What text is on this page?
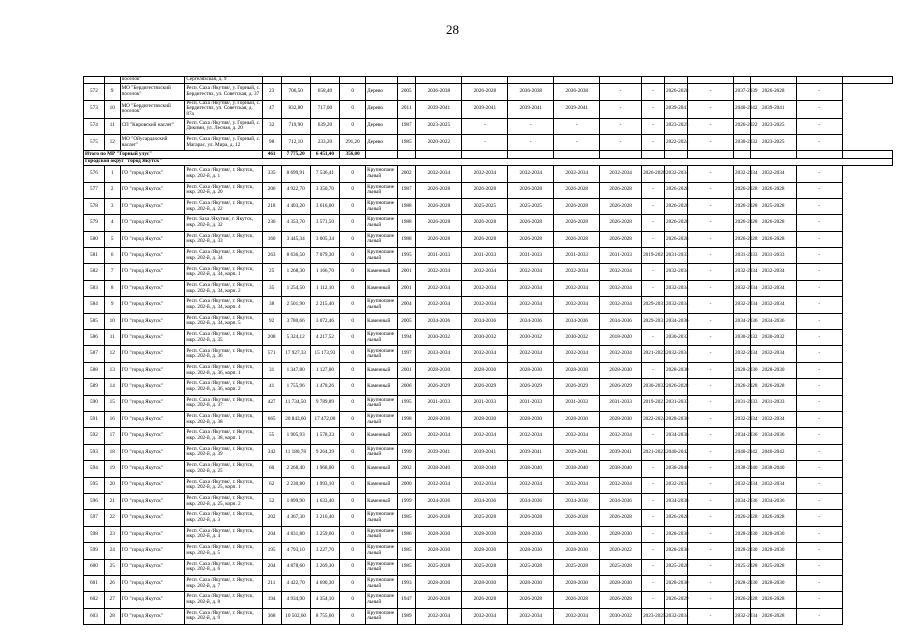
28
		поселок"	Сергеляхская, д. 9																		
572	9	МО "Бердигестяхский поселок"	Респ. Саха /Якутия/, у. Горный, с. Бердигестях, ул. Советская, д. 37	23	706,50	658,40	0	Дерево	2005	2036-2038	2026-2028	2036-2038	2036-2038	-	-	2026-2028	-	2037-2039	2026-2028	-	
573	10	МО "Бердигестяхский поселок"	Респ. Саха /Якутия/, у. Горный, с. Бердигестях, ул. Советская, д. 87а	47	832,80	717,00	0	Дерево	2011	2039-2041	2039-2041	2039-2041	2039-2041	-	-	2039-2041	-	2040-2042	2039-2041	-	
574	11	СП "Кировский наслег"	Респ. Саха /Якутия/, у. Горный, с. Дикими, ул. Лесная, д. 20	32	719,90	639,20	0	Дерево	1987	2023-2025	-	-	-	-	-	2023-2025	-	2026-2022	2023-2025	-	
575	12	МО "Ойусардахский наслег"	Респ. Саха /Якутия/, у. Горный, с. Магарас, ул. Мира, д. 12	98	712,10	233,20	291,20	Дерево	1985	2020-2022	-	-	-	-	-	2022-2024	-	2030-2032	2023-2025	-	
Итого по МР "Горный улус"				461	7 775,20	6 451,40	356,00														
Городской округ "город Якутск"																					
576	1	ГО "город Якутск"	Респ. Саха /Якутия/, г. Якутск, мкр. 202-й, д. 1	335	8 699,91	7 536,41	0	Крупнопанельный	2002	2032-2034	2032-2034	2032-2034	2032-2034	2032-2034	2026-2028	2032-2034	-	2032-2034	2032-2034	-	
577	2	ГО "город Якутск"	Респ. Саха /Якутия/, г. Якутск, мкр. 202-й, д. 20	206	4 922,70	3 350,70	0	Крупнопанельный	1987	2026-2028	2026-2028	2026-2028	2026-2028	2026-2028	-	2026-2028	-	2026-2028	2026-2028	-	
578	3	ГО "город Якутск"	Респ. Саха /Якутия/, г. Якутск, мкр. 202-й, д. 22	218	4 403,20	3 616,00	0	Крупнопанельный	1988	2026-2028	2025-2025	2025-2025	2026-2028	2026-2028	-	2026-2028	-	2026-2028	2025-2028	-	
579	4	ГО "город Якутск"	Респ. Saха /Якутия/, г. Якутск, мкр. 202-й, д. 32	236	4 353,70	3 571,50	0	Крупнопанельный	1988	2026-2028	2026-2028	2026-2028	2026-2028	2026-2028	-	2026-2028	-	2026-2028	2026-2028	-	
580	5	ГО "город Якутск"	Респ. Саха /Якутия/, г. Якутск, мкр. 202-й, д. 33	160	3 445,34	3 005,34	0	Крупнопанельный	1988	2026-2028	2026-2028	2026-2028	2026-2028	2026-2028	-	2026-2028	-	2026-2028	2026-2028	-	
581	6	ГО "город Якутск"	Респ. Саха /Якутия/, г. Якутск, мкр. 202-й, д. 34	263	8 636,50	7 079,30	0	Крупнопанельный	1995	2031-2033	2031-2033	2031-2033	2031-2033	2031-2033	2019-2021	2031-2033	-	2031-2033	2031-2033	-	
582	7	ГО "город Якутск"	Респ. Саха /Якутия/, г. Якутск, мкр. 202-й, д. 34, корп. 1	25	1 268,30	1 166,70	0	Каменный	2001	2032-2034	2032-2034	2032-2034	2032-2034	2032-2034	-	2032-2034	-	2032-2034	2032-2034	-	
583	8	ГО "город Якутск"	Респ. Саха /Якутия/, г. Якутск, мкр. 202-й, д. 34, корп. 2	35	1 254,50	1 112,10	0	Каменный	2001	2032-2034	2032-2034	2032-2034	2032-2034	2032-2034	-	2032-2034	-	2032-2034	2032-2034	-	
584	9	ГО "город Якутск"	Респ. Саха /Якутия/, г. Якутск, мкр. 202-й, д. 34, корп. 4	38	2 501,90	2 215,40	0	Крупнопанельный	2004	2032-2034	2032-2034	2032-2034	2032-2034	2032-2034	2029-2031	2032-2034	-	2032-2034	2032-2034	-	
585	10	ГО "город Якутск"	Респ. Саха /Якутия/, г. Якутск, мкр. 202-й, д. 34, корп. 5	92	3 780,66	3 072,46	0	Каменный	2005	2034-2036	2034-2036	2034-2036	2034-2036	2034-2036	2029-2031	2034-2036	-	2034-2036	2034-2036	-	
586	11	ГО "город Якутск"	Респ. Саха /Якутия/, г. Якутск, мкр. 202-й, д. 35	208	5 324,12	4 217,52	0	Крупнопанельный	1994	2030-2032	2030-2032	2030-2032	2030-2032	2018-2020	-	2030-2032	-	2030-2032	2030-2032	-	
587	12	ГО "город Якутск"	Респ. Саха /Якутия/, г. Якутск, мкр. 202-й, д. 36	571	17 927,33	15 173,93	0	Крупнопанельный	1997	2033-2034	2032-2034	2032-2034	2032-2034	2032-2034	2021-2023	2032-2034	-	2032-2034	2032-2034	-	
588	13	ГО "город Якутск"	Респ. Саха /Якутия/, г. Якутск, мкр. 202-й, д. 36, корп. 1	31	1 347,80	1 127,00	0	Каменный	2001	2028-2030	2028-2030	2028-2030	2028-2030	2028-2030	-	2028-2030	-	2028-2030	2028-2030	-	
589	14	ГО "город Якутск"	Респ. Саха /Якутия/, г. Якутск, мкр. 202-й, д. 36, корп. 2	41	1 755,96	1 478,26	0	Каменный	2006	2026-2029	2026-2029	2026-2029	2026-2029	2026-2029	2030-2032	2026-2028	-	2026-2028	2026-2028	-	
590	15	ГО "город Якутск"	Респ. Саха /Якутия/, г. Якутск, мкр. 202-й, д. 37	427	11 734,50	9 789,89	0	Крупнопанельный	1995	2031-2033	2031-2033	2031-2033	2031-2033	2031-2033	2019-2021	2031-2033	-	2031-2033	2031-2033	-	
591	16	ГО "город Якутск"	Респ. Саха /Якутия/, г. Якутск, мкр. 202-й, д. 38	665	20 843,60	17 472,00	0	Крупнопанельный	1998	2028-2030	2028-2030	2028-2030	2028-2030	2028-2030	2022-2024	2028-2030	-	2032-2034	2032-2034	-	
592	17	ГО "город Якутск"	Респ. Саха /Якутия/, г. Якутск, мкр. 202-й, д. 38, корп. 1	55	1 905,93	1 578,33	0	Каменный	2003	2032-2034	2032-2034	2032-2034	2032-2034	2032-2034	-	2034-2036	-	2034-2036	2034-2036	-	
593	18	ГО "город Якутск"	Респ. Саха /Якутия/, г. Якутск, мкр. 202-й, д. 39	342	11 180,78	9 264,39	0	Крупнопанельный	1999	2039-2041	2039-2041	2039-2041	2039-2041	2039-2041	2021-2023	2040-2042	-	2040-2042	2040-2042	-	
594	19	ГО "город Якутск"	Респ. Саха /Якутия/, г. Якутск, мкр. 202-й, д. 25	60	2 268,40	1 968,00	0	Каменный	2002	2038-2040	2038-2040	2038-2040	2038-2040	2038-2040	-	2038-2040	-	2038-2040	2038-2040	-	
595	20	ГО "город Якутск"	Респ. Саха /Якутия/, г. Якутск, мкр. 202-й, д. 25, корп. 1	62	2 230,80	1 993,10	0	Каменный	2000	2032-2034	2032-2034	2032-2034	2032-2034	2032-2034	-	2032-2034	-	2032-2034	2032-2034	-	
596	21	ГО "город Якутск"	Респ. Саха /Якутия/, г. Якутск, мкр. 202-й, д. 25, корп. 2	52	1 899,90	1 633,40	0	Каменный	1999	2034-2036	2034-2036	2034-2036	2034-2036	2034-2036	-	2034-2036	-	2034-2036	2034-2036	-	
597	22	ГО "город Якутск"	Респ. Саха /Якутия/, г. Якутск, мкр. 202-й, д. 3	202	4 367,30	3 216,40	0	Крупнопанельный	1985	2026-2028	2025-2028	2026-2028	2026-2028	2026-2028	-	2026-2028	-	2026-2028	2026-2028	-	
598	23	ГО "город Якутск"	Респ. Саха /Якутия/, г. Якутск, мкр. 202-й, д. 4	204	4 831,80	3 259,60	0	Крупнопанельный	1986	2028-2030	2028-2030	2028-2030	2028-2030	2028-2030	-	2028-2030	-	2028-2030	2028-2030	-	
599	24	ГО "город Якутск"	Респ. Саха /Якутия/, г. Якутск, мкр. 202-й, д. 5	195	4 793,10	3 227,70	0	Крупнопанельный	1985	2028-2030	2028-2030	2028-2030	2028-2030	2020-2022	-	2028-2030	-	2028-2030	2028-2030	-	
600	25	ГО "город Якутск"	Респ. Саха /Якутия/, г. Якутск, мкр. 202-й, д. 6	204	4 878,60	3 269,30	0	Крупнопанельный	1985	2025-2028	2025-2028	2025-2028	2025-2028	2025-2028	-	2025-2028	-	2025-2028	2025-2028	-	
601	26	ГО "город Якутск"	Респ. Саха /Якутия/, г. Якутск, мкр. 202-й, д. 7	211	4 422,70	4 690,30	0	Крупнопанельный	1993	2028-2030	2028-2030	2028-2030	2028-2030	2028-2030	-	2028-2030	-	2028-2030	2028-2030	-	
602	27	ГО "город Якутск"	Респ. Саха /Якутия/, г. Якутск, мкр. 202-й, д. 8	194	4 934,90	4 354,10	0	Крупнопанельный	1947	2026-2028	2026-2028	2026-2028	2026-2028	2026-2028	-	2026-2029	-	2026-2028	2026-2028	-	
603	28	ГО "город Якутск"	Респ. Саха /Якутия/, г. Якутск, мкр. 202-й, д. 9	368	10 502,60	8 755,60	0	Крупнопанельный	1989	2032-2034	2032-2034	2032-2034	2032-2034	2030-2032	2023-2025	2032-2034	-	2032-2034	2026-2028	-	
